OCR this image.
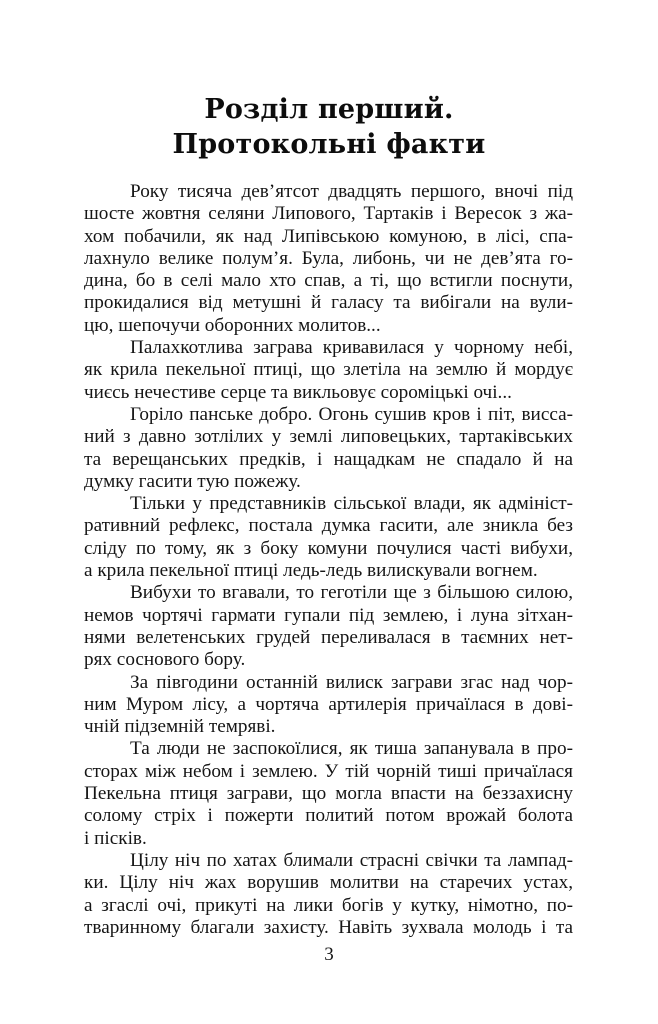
Розділ перший.
Протокольні факти
Року тисяча дев’ятсот двадцять першого, вночі під
шосте жовтня селяни Липового, Тартаків і Вересок з жа-
хом побачили, як над Липівською комуною, в лісі, спа-
лахнуло велике полум’я. Була, либонь, чи не дев’ята го-
дина, бо в селі мало хто спав, а ті, що встигли поснути,
прокидалися від метушні й галасу та вибігали на вули-
цю, шепочучи оборонних молитов...
Палахкотлива заграва кривавилася у чорному небі,
як крила пекельної птиці, що злетіла на землю й мордує
чиєсь нечестиве серце та викльовує сороміцькі очі...
Горіло панське добро. Огонь сушив кров і піт, висса-
ний з давно зотлілих у землі липовецьких, тартаківських
та верещанських предків, і нащадкам не спадало й на
думку гасити тую пожежу.
Тільки у представників сільської влади, як адмініст-
ративний рефлекс, постала думка гасити, але зникла без
сліду по тому, як з боку комуни почулися часті вибухи,
а крила пекельної птиці ледь-ледь вилискували вогнем.
Вибухи то вгавали, то геготіли ще з більшою силою,
немов чортячі гармати гупали під землею, і луна зітхан-
нями велетенських грудей переливалася в таємних нет-
рях соснового бору.
За півгодини останній вилиск заграви згас над чор-
ним Муром лісу, а чортяча артилерія причаїлася в дові-
чній підземній темряві.
Та люди не заспокоїлися, як тиша запанувала в про-
сторах між небом і землею. У тій чорній тиші причаїлася
Пекельна птиця заграви, що могла впасти на беззахисну
солому стріх і пожерти политий потом врожай болота
і пісків.
Цілу ніч по хатах блимали страсні свічки та лампад-
ки. Цілу ніч жах ворушив молитви на старечих устах,
а згаслі очі, прикуті на лики богів у кутку, німотно, по-
тваринному благали захисту. Навіть зухвала молодь і та
3
